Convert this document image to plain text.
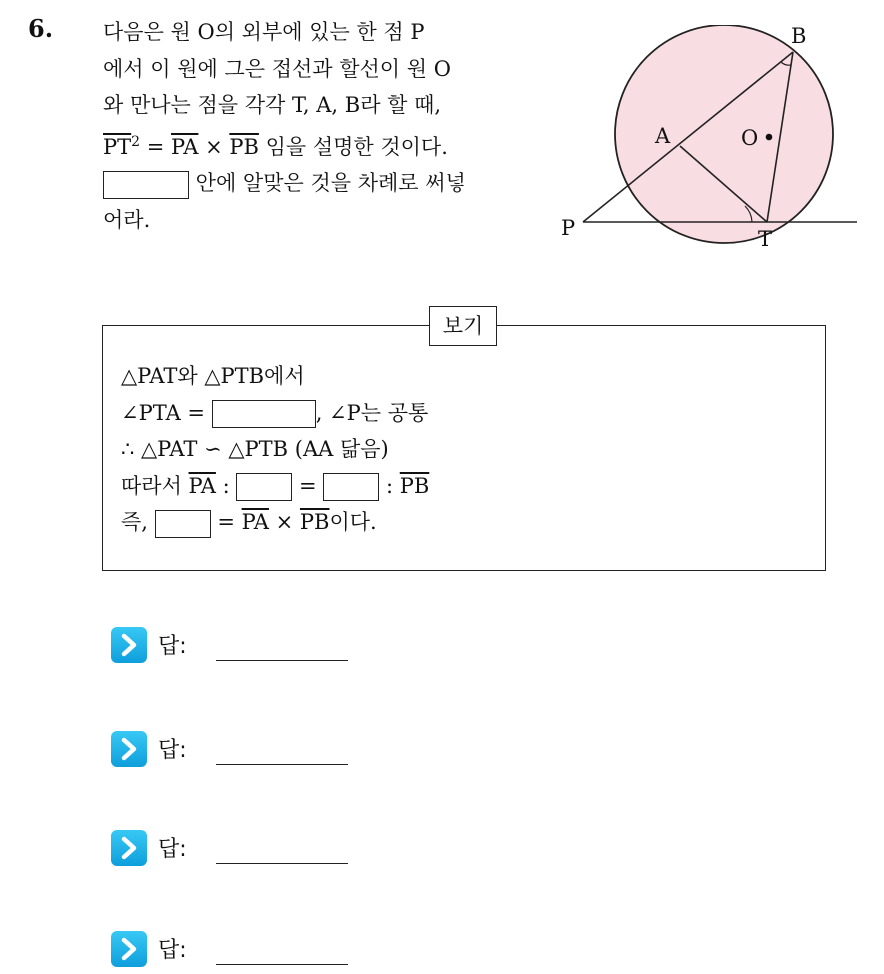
6. 다음은 원 O의 외부에 있는 한 점 P
에서 이 원에 그은 접선과 할선이 원 O
와 만나는 점을 각각 T, A, B라 할 때,
$\overline{PT}^2 = \overline{PA} \times \overline{PB}$ 임을 설명한 것이다.
안에 알맞은 것을 차례로 써넣
어라.
B
A	O
P	T
보기
△PAT와 △PTB에서
∠PTA =	, ∠P는 공통
∴ △PAT ∽ △PTB (AA 닮음)
따라서 $\overline{PA}$ :	=	: $\overline{PB}$
즉,	= $\overline{PA} \times \overline{PB}$이다.
답:
답:
답:
답:
